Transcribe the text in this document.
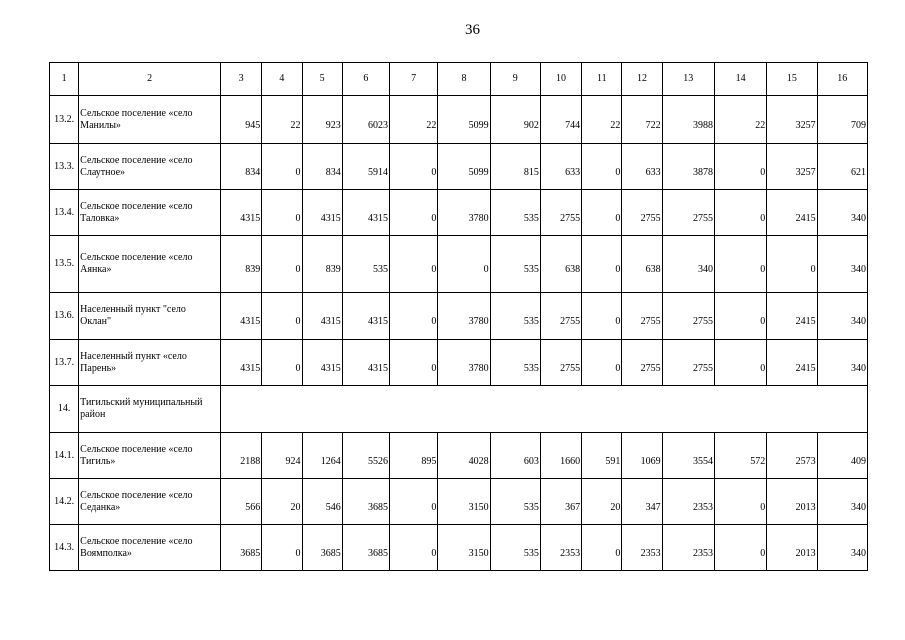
36
1	2	3	4	5	6	7	8	9	10	11	12	13	14	15	16
13.2.	Сельское поселение «село Манилы»	945	22	923	6023	22	5099	902	744	22	722	3988	22	3257	709
13.3.	Сельское поселение «село Слаутное»	834	0	834	5914	0	5099	815	633	0	633	3878	0	3257	621
13.4.	Сельское поселение «село Таловка»	4315	0	4315	4315	0	3780	535	2755	0	2755	2755	0	2415	340
13.5.	Сельское поселение «село Аянка»	839	0	839	535	0	0	535	638	0	638	340	0	0	340
13.6.	Населенный пункт "село Оклан"	4315	0	4315	4315	0	3780	535	2755	0	2755	2755	0	2415	340
13.7.	Населенный пункт «село Парень»	4315	0	4315	4315	0	3780	535	2755	0	2755	2755	0	2415	340
14.	Тигильский муниципальный район														
14.1.	Сельское поселение «село Тигиль»	2188	924	1264	5526	895	4028	603	1660	591	1069	3554	572	2573	409
14.2.	Сельское поселение «село Седанка»	566	20	546	3685	0	3150	535	367	20	347	2353	0	2013	340
14.3.	Сельское поселение «село Воямполка»	3685	0	3685	3685	0	3150	535	2353	0	2353	2353	0	2013	340
